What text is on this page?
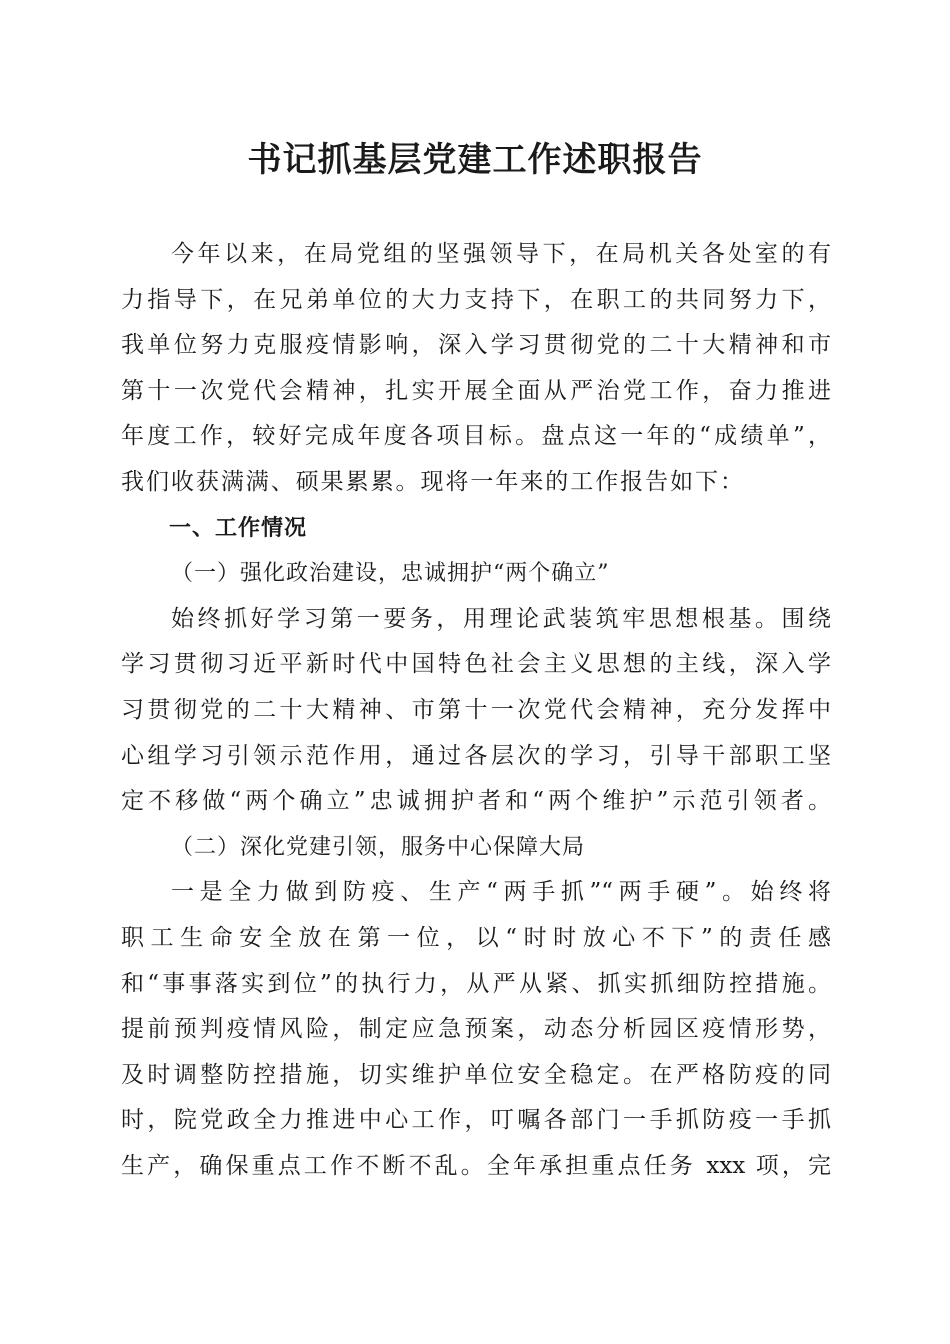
书记抓基层党建工作述职报告
今年以来，在局党组的坚强领导下，在局机关各处室的有
力指导下，在兄弟单位的大力支持下，在职工的共同努力下，
我单位努力克服疫情影响，深入学习贯彻党的二十大精神和市
第十一次党代会精神，扎实开展全面从严治党工作，奋力推进
年度工作，较好完成年度各项目标。盘点这一年的“成绩单”，
我们收获满满、硕果累累。现将一年来的工作报告如下：
一、工作情况
（一）强化政治建设，忠诚拥护“两个确立”
始终抓好学习第一要务，用理论武装筑牢思想根基。围绕
学习贯彻习近平新时代中国特色社会主义思想的主线，深入学
习贯彻党的二十大精神、市第十一次党代会精神，充分发挥中
心组学习引领示范作用，通过各层次的学习，引导干部职工坚
定不移做“两个确立”忠诚拥护者和“两个维护”示范引领者。
（二）深化党建引领，服务中心保障大局
一是全力做到防疫、生产“两手抓”“两手硬”。始终将
职工生命安全放在第一位，以“时时放心不下”的责任感
和“事事落实到位”的执行力，从严从紧、抓实抓细防控措施。
提前预判疫情风险，制定应急预案，动态分析园区疫情形势，
及时调整防控措施，切实维护单位安全稳定。在严格防疫的同
时，院党政全力推进中心工作，叮嘱各部门一手抓防疫一手抓
生产，确保重点工作不断不乱。全年承担重点任务 xxx 项，完
